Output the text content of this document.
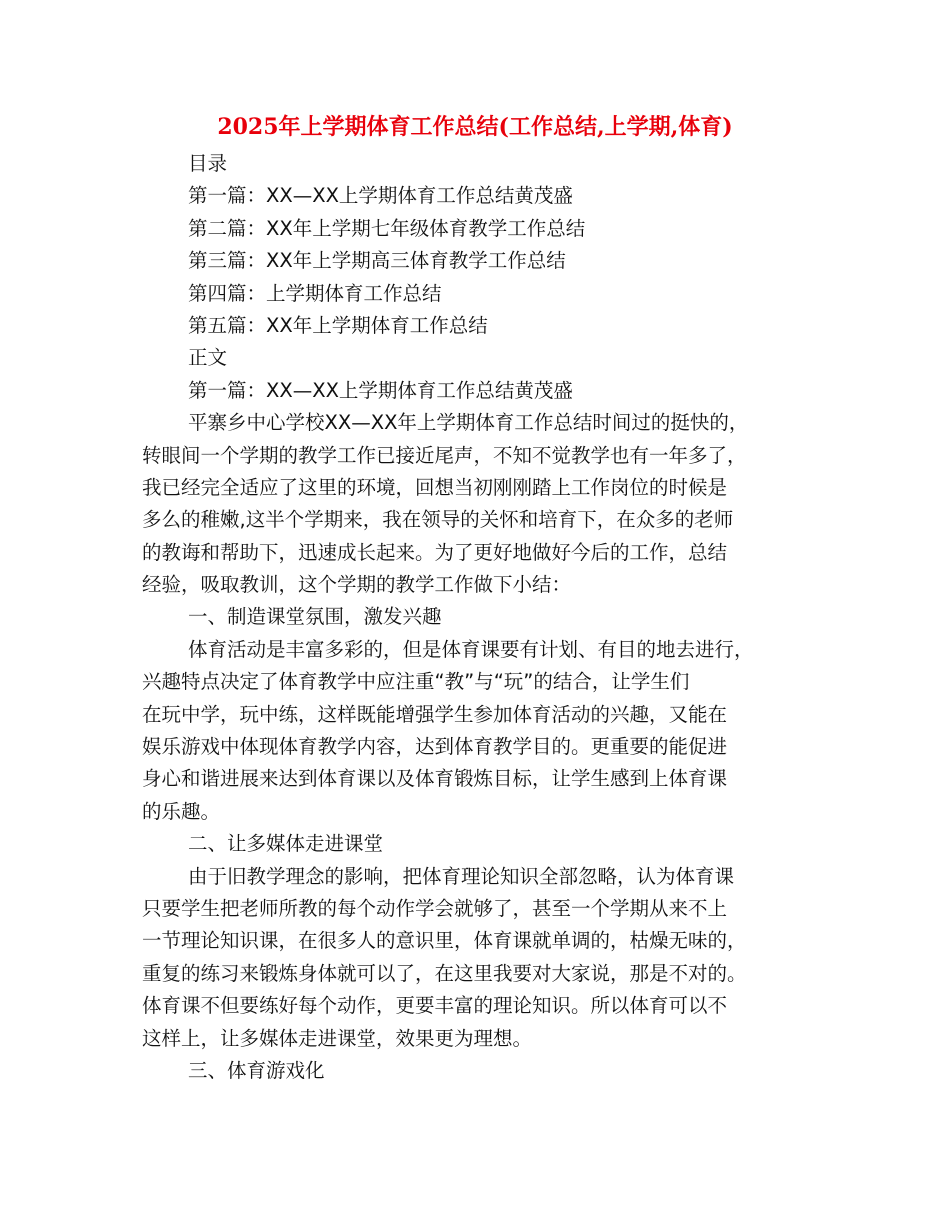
2025年上学期体育工作总结(工作总结,上学期,体育)
目录
第一篇：XX—XX上学期体育工作总结黄茂盛
第二篇：XX年上学期七年级体育教学工作总结
第三篇：XX年上学期高三体育教学工作总结
第四篇：上学期体育工作总结
第五篇：XX年上学期体育工作总结
正文
第一篇：XX—XX上学期体育工作总结黄茂盛
平寨乡中心学校XX—XX年上学期体育工作总结时间过的挺快的，
转眼间一个学期的教学工作已接近尾声，不知不觉教学也有一年多了，
我已经完全适应了这里的环境，回想当初刚刚踏上工作岗位的时候是
多么的稚嫩,这半个学期来，我在领导的关怀和培育下，在众多的老师
的教诲和帮助下，迅速成长起来。为了更好地做好今后的工作，总结
经验，吸取教训，这个学期的教学工作做下小结：
一、制造课堂氛围，激发兴趣
体育活动是丰富多彩的，但是体育课要有计划、有目的地去进行，
兴趣特点决定了体育教学中应注重“教”与“玩”的结合，让学生们
在玩中学，玩中练，这样既能增强学生参加体育活动的兴趣，又能在
娱乐游戏中体现体育教学内容，达到体育教学目的。更重要的能促进
身心和谐进展来达到体育课以及体育锻炼目标，让学生感到上体育课
的乐趣。
二、让多媒体走进课堂
由于旧教学理念的影响，把体育理论知识全部忽略，认为体育课
只要学生把老师所教的每个动作学会就够了，甚至一个学期从来不上
一节理论知识课，在很多人的意识里，体育课就单调的，枯燥无味的，
重复的练习来锻炼身体就可以了，在这里我要对大家说，那是不对的。
体育课不但要练好每个动作，更要丰富的理论知识。所以体育可以不
这样上，让多媒体走进课堂，效果更为理想。
三、体育游戏化
